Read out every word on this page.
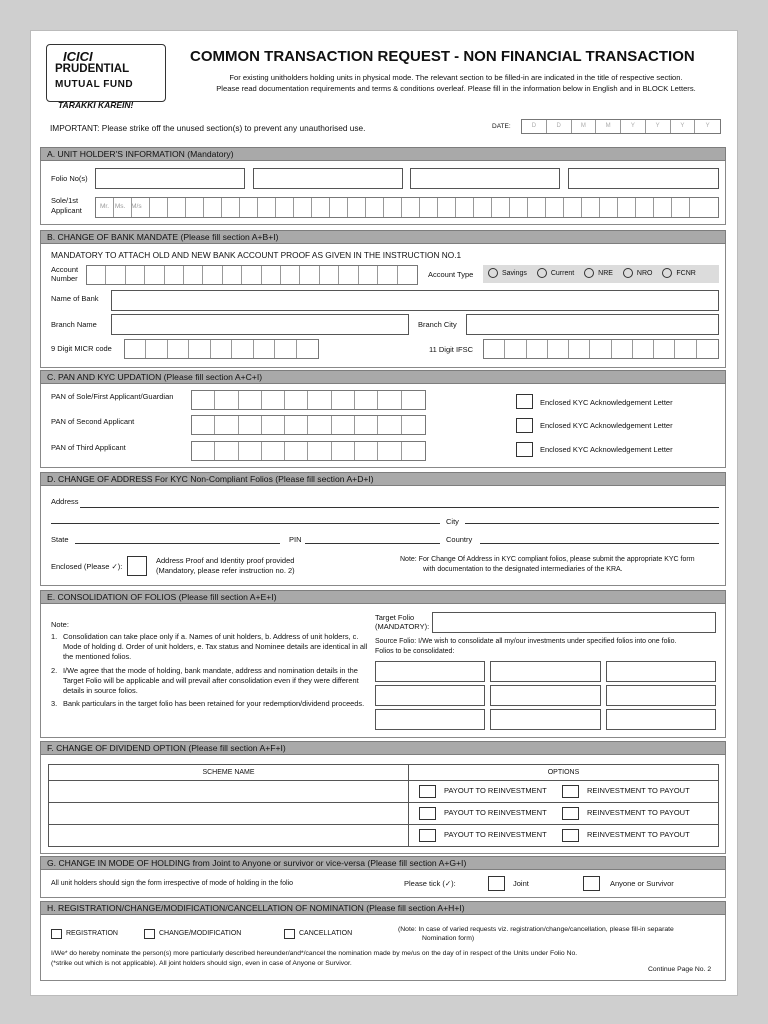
ICICI
PRUDENTIAL
MUTUAL FUND
TARAKKI KAREIN!
COMMON TRANSACTION REQUEST - NON FINANCIAL TRANSACTION
For existing unitholders holding units in physical mode. The relevant section to be filled-in are indicated in the title of respective section.
Please read documentation requirements and terms & conditions overleaf. Please fill in the information below in English and in BLOCK Letters.
IMPORTANT: Please strike off the unused section(s) to prevent any unauthorised use.	DATE:	D	D	M	M	Y	Y	Y	Y
A. UNIT HOLDER'S INFORMATION (Mandatory)
Folio No(s)
Sole/1st
Applicant	Mr. Ms. M/s
B. CHANGE OF BANK MANDATE (Please fill section A+B+I)
MANDATORY TO ATTACH OLD AND NEW BANK ACCOUNT PROOF AS GIVEN IN THE INSTRUCTION NO.1
Account
Number	Account Type	Savings	Current	NRE	NRO	FCNR
Name of Bank
Branch Name	Branch City
9 Digit MICR code	11 Digit IFSC
C. PAN AND KYC UPDATION (Please fill section A+C+I)
PAN of Sole/First Applicant/Guardian
PAN of Second Applicant
PAN of Third Applicant
Enclosed KYC Acknowledgement Letter
Enclosed KYC Acknowledgement Letter
Enclosed KYC Acknowledgement Letter
D. CHANGE OF ADDRESS For KYC Non-Compliant Folios (Please fill section A+D+I)
Address
City
State	PIN	Country
Enclosed (Please ✓):
Address Proof and Identity proof provided
(Mandatory, please refer instruction no. 2)
Note: For Change Of Address in KYC compliant folios, please submit the appropriate KYC form
with documentation to the designated intermediaries of the KRA.
E. CONSOLIDATION OF FOLIOS (Please fill section A+E+I)
Note:
1. Consolidation can take place only if a. Names of unit holders, b. Address of unit holders, c. Mode of holding d. Order of unit holders, e. Tax status and Nominee details are identical in all the mentioned folios.
2. I/We agree that the mode of holding, bank mandate, address and nomination details in the Target Folio will be applicable and will prevail after consolidation even if they were different details in source folios.
3. Bank particulars in the target folio has been retained for your redemption/dividend proceeds.
Target Folio
(MANDATORY):
Source Folio: I/We wish to consolidate all my/our investments under specified folios into one folio.
Folios to be consolidated:
F. CHANGE OF DIVIDEND OPTION (Please fill section A+F+I)
SCHEME NAME	OPTIONS
	PAYOUT TO REINVESTMENT REINVESTMENT TO PAYOUT
	PAYOUT TO REINVESTMENT REINVESTMENT TO PAYOUT
	PAYOUT TO REINVESTMENT REINVESTMENT TO PAYOUT
G. CHANGE IN MODE OF HOLDING from Joint to Anyone or survivor or vice-versa (Please fill section A+G+I)
All unit holders should sign the form irrespective of mode of holding in the folio	Please tick (✓):	Joint	Anyone or Survivor
H. REGISTRATION/CHANGE/MODIFICATION/CANCELLATION OF NOMINATION (Please fill section A+H+I)
REGISTRATION	CHANGE/MODIFICATION	CANCELLATION
(Note: In case of varied requests viz. registration/change/cancellation, please fill-in separate
Nomination form)
I/We* do hereby nominate the person(s) more particularly described hereunder/and*/cancel the nomination made by me/us on the day of in respect of the Units under Folio No.
(*strike out which is not applicable). All joint holders should sign, even in case of Anyone or Survivor.
Continue Page No. 2
